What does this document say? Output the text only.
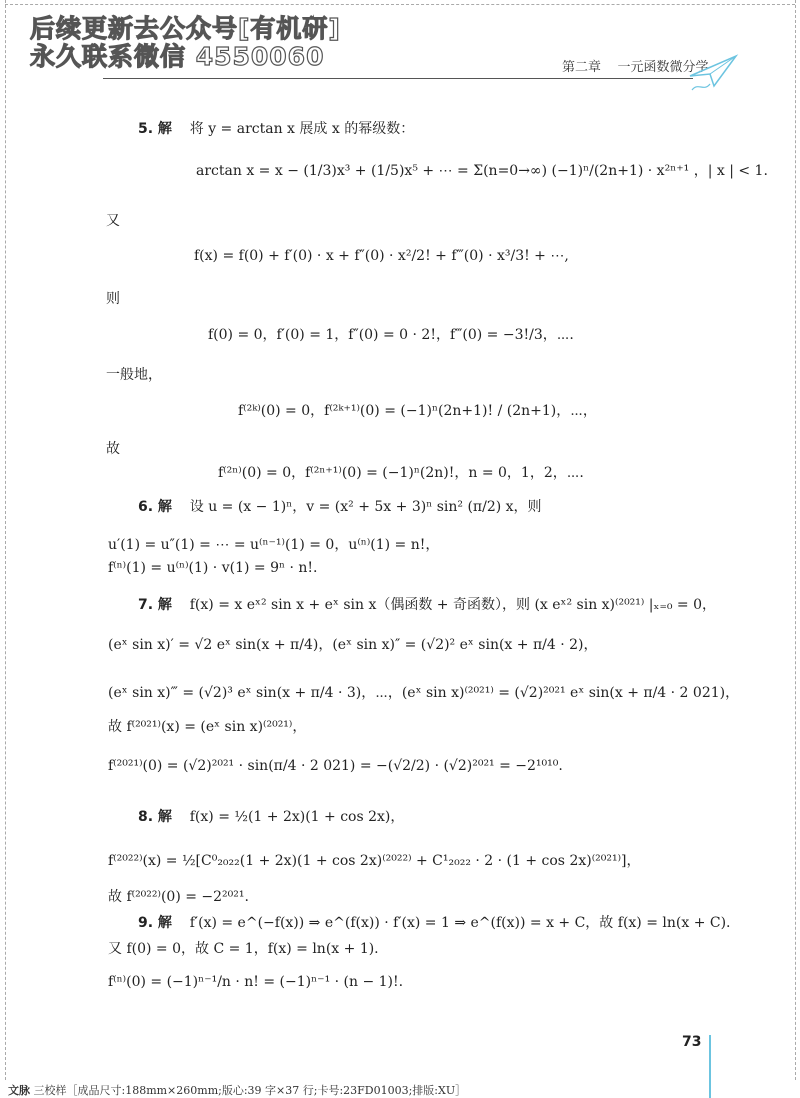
后续更新去公众号[有机研]
永久联系微信 4550060	第二章 一元函数微分学
5. 解 将 y = arctan x 展成 x 的幂级数：
arctan x = x − (1/3)x³ + (1/5)x⁵ + ⋯ = Σ(n=0→∞) (−1)ⁿ/(2n+1) · x²ⁿ⁺¹ ，| x | < 1.
又
f(x) = f(0) + f′(0) · x + f″(0) · x²/2! + f‴(0) · x³/3! + ⋯,
则
f(0) = 0，f′(0) = 1，f″(0) = 0 · 2!，f‴(0) = −3!/3，⋯.
一般地，
f⁽²ᵏ⁾(0) = 0，f⁽²ᵏ⁺¹⁾(0) = (−1)ⁿ(2n+1)! / (2n+1)，⋯，
故
f⁽²ⁿ⁾(0) = 0，f⁽²ⁿ⁺¹⁾(0) = (−1)ⁿ(2n)!，n = 0，1，2，⋯.
6. 解 设 u = (x − 1)ⁿ，v = (x² + 5x + 3)ⁿ sin² (π/2) x，则
u′(1) = u″(1) = ⋯ = u⁽ⁿ⁻¹⁾(1) = 0，u⁽ⁿ⁾(1) = n!，
f⁽ⁿ⁾(1) = u⁽ⁿ⁾(1) · v(1) = 9ⁿ · n!.
7. 解 f(x) = x eˣ² sin x + eˣ sin x（偶函数 + 奇函数），则 (x eˣ² sin x)⁽²⁰²¹⁾ |ₓ₌₀ = 0，
(eˣ sin x)′ = √2 eˣ sin(x + π/4)，(eˣ sin x)″ = (√2)² eˣ sin(x + π/4 · 2)，
(eˣ sin x)‴ = (√2)³ eˣ sin(x + π/4 · 3)，⋯，(eˣ sin x)⁽²⁰²¹⁾ = (√2)²⁰²¹ eˣ sin(x + π/4 · 2 021)，
故 f⁽²⁰²¹⁾(x) = (eˣ sin x)⁽²⁰²¹⁾，
f⁽²⁰²¹⁾(0) = (√2)²⁰²¹ · sin(π/4 · 2 021) = −(√2/2) · (√2)²⁰²¹ = −2¹⁰¹⁰.
8. 解 f(x) = ½(1 + 2x)(1 + cos 2x)，
f⁽²⁰²²⁾(x) = ½[C⁰₂₀₂₂(1 + 2x)(1 + cos 2x)⁽²⁰²²⁾ + C¹₂₀₂₂ · 2 · (1 + cos 2x)⁽²⁰²¹⁾]，
故 f⁽²⁰²²⁾(0) = −2²⁰²¹.
9. 解 f′(x) = e^(−f(x)) ⇒ e^(f(x)) · f′(x) = 1 ⇒ e^(f(x)) = x + C，故 f(x) = ln(x + C).
又 f(0) = 0，故 C = 1，f(x) = ln(x + 1).
f⁽ⁿ⁾(0) = (−1)ⁿ⁻¹/n · n! = (−1)ⁿ⁻¹ · (n − 1)!.
73
文脉 三校样［成品尺寸:188mm×260mm;版心:39 字×37 行;卡号:23FD01003;排版:XU］
